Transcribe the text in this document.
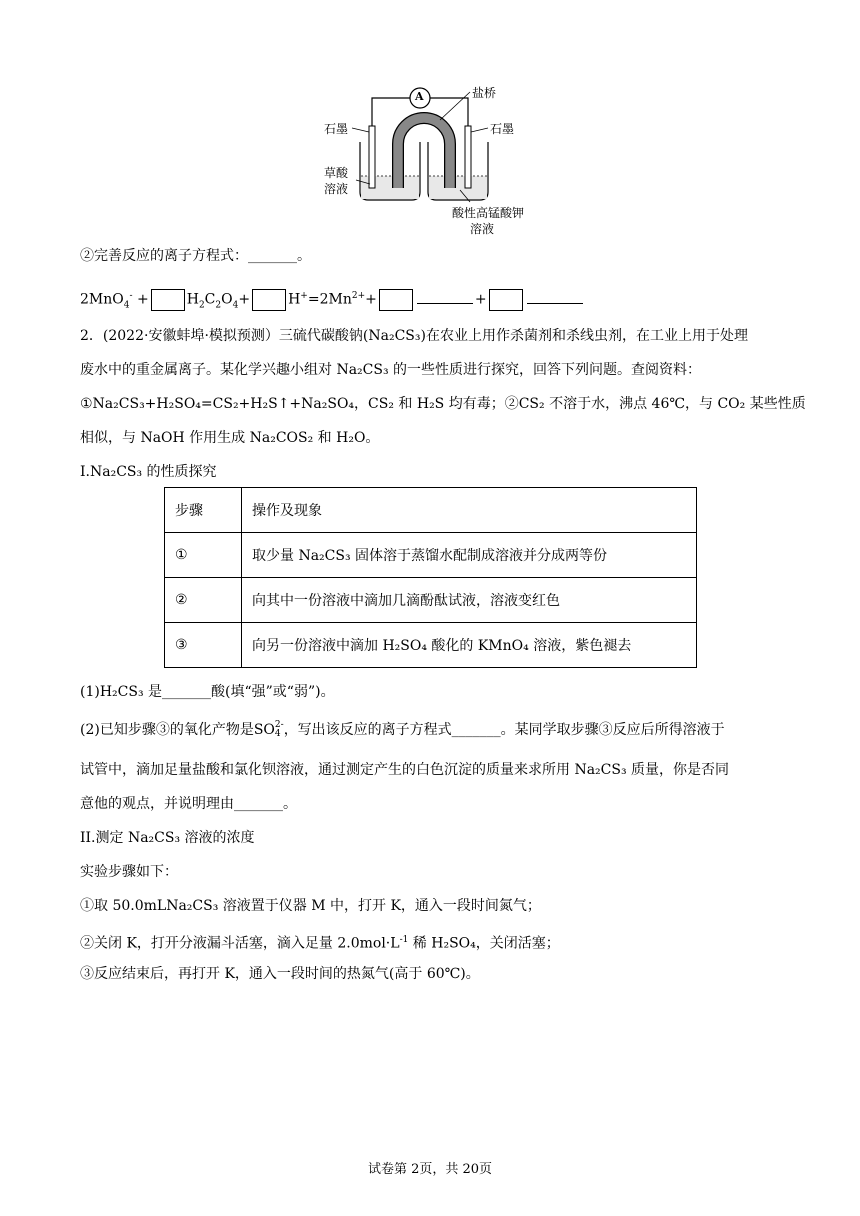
A	盐桥
石墨	石墨
草酸
溶液
酸性高锰酸钾
溶液
②完善反应的离子方程式：_______。
2MnO$_4$- +	$H_2C_2O_4+$	$H^+=2Mn^{2+}+$	+
2．(2022·安徽蚌埠·模拟预测）三硫代碳酸钠(Na₂CS₃)在农业上用作杀菌剂和杀线虫剂，在工业上用于处理
废水中的重金属离子。某化学兴趣小组对 Na₂CS₃ 的一些性质进行探究，回答下列问题。查阅资料：
①Na₂CS₃+H₂SO₄=CS₂+H₂S↑+Na₂SO₄，CS₂ 和 H₂S 均有毒；②CS₂ 不溶于水，沸点 46℃，与 CO₂ 某些性质
相似，与 NaOH 作用生成 Na₂COS₂ 和 H₂O。
I.Na₂CS₃ 的性质探究
步骤	操作及现象
①	取少量 Na₂CS₃ 固体溶于蒸馏水配制成溶液并分成两等份
②	向其中一份溶液中滴加几滴酚酞试液，溶液变红色
③	向另一份溶液中滴加 H₂SO₄ 酸化的 KMnO₄ 溶液，紫色褪去
(1)H₂CS₃ 是_______酸(填“强”或“弱”)。
(2)已知步骤③的氧化产物是SO2-
4 ，写出该反应的离子方程式_______。某同学取步骤③反应后所得溶液于
试管中，滴加足量盐酸和氯化钡溶液，通过测定产生的白色沉淀的质量来求所用 Na₂CS₃ 质量，你是否同
意他的观点，并说明理由_______。
II.测定 Na₂CS₃ 溶液的浓度
实验步骤如下：
①取 50.0mLNa₂CS₃ 溶液置于仪器 M 中，打开 K，通入一段时间氮气；
②关闭 K，打开分液漏斗活塞，滴入足量 $2.0mol\cdot L^{-1}$ 稀 H₂SO₄，关闭活塞；
③反应结束后，再打开 K，通入一段时间的热氮气(高于 60℃)。
试卷第 2页，共 20页
